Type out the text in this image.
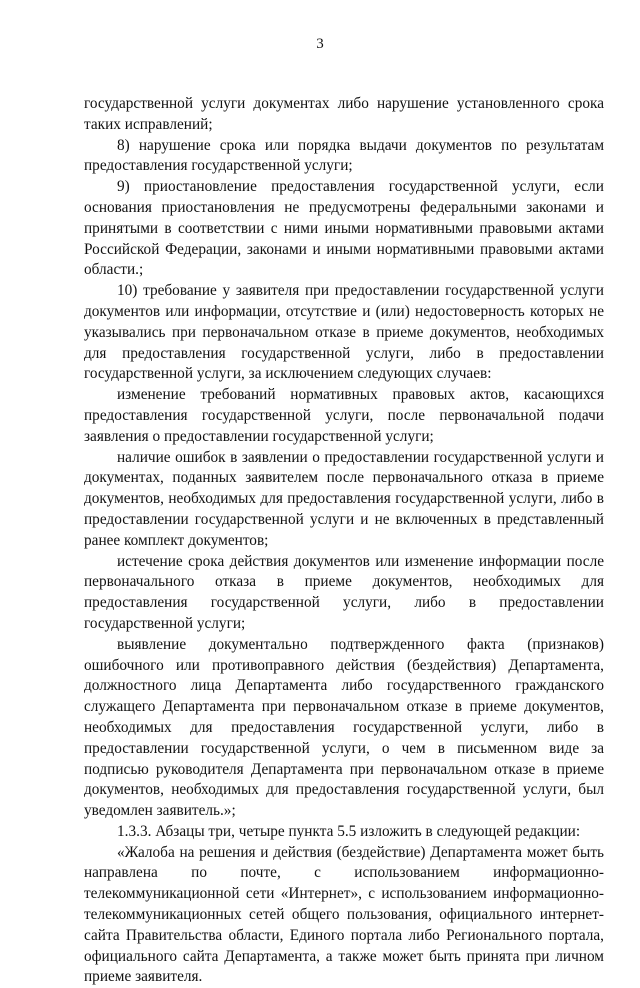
3

государственной услуги документах либо нарушение установленного срока таких исправлений;

8) нарушение срока или порядка выдачи документов по результатам предоставления государственной услуги;

9) приостановление предоставления государственной услуги, если основания приостановления не предусмотрены федеральными законами и принятыми в соответствии с ними иными нормативными правовыми актами Российской Федерации, законами и иными нормативными правовыми актами области.;

10) требование у заявителя при предоставлении государственной услуги документов или информации, отсутствие и (или) недостоверность которых не указывались при первоначальном отказе в приеме документов, необходимых для предоставления государственной услуги, либо в предоставлении государственной услуги, за исключением следующих случаев:

изменение требований нормативных правовых актов, касающихся предоставления государственной услуги, после первоначальной подачи заявления о предоставлении государственной услуги;

наличие ошибок в заявлении о предоставлении государственной услуги и документах, поданных заявителем после первоначального отказа в приеме документов, необходимых для предоставления государственной услуги, либо в предоставлении государственной услуги и не включенных в представленный ранее комплект документов;

истечение срока действия документов или изменение информации после первоначального отказа в приеме документов, необходимых для предоставления государственной услуги, либо в предоставлении государственной услуги;

выявление документально подтвержденного факта (признаков) ошибочного или противоправного действия (бездействия) Департамента, должностного лица Департамента либо государственного гражданского служащего Департамента при первоначальном отказе в приеме документов, необходимых для предоставления государственной услуги, либо в предоставлении государственной услуги, о чем в письменном виде за подписью руководителя Департамента при первоначальном отказе в приеме документов, необходимых для предоставления государственной услуги, был уведомлен заявитель.»;

1.3.3. Абзацы три, четыре пункта 5.5 изложить в следующей редакции:

«Жалоба на решения и действия (бездействие) Департамента может быть направлена по почте, с использованием информационно-телекоммуникационной сети «Интернет», с использованием информационно-телекоммуникационных сетей общего пользования, официального интернет-сайта Правительства области, Единого портала либо Регионального портала, официального сайта Департамента, а также может быть принята при личном приеме заявителя.
